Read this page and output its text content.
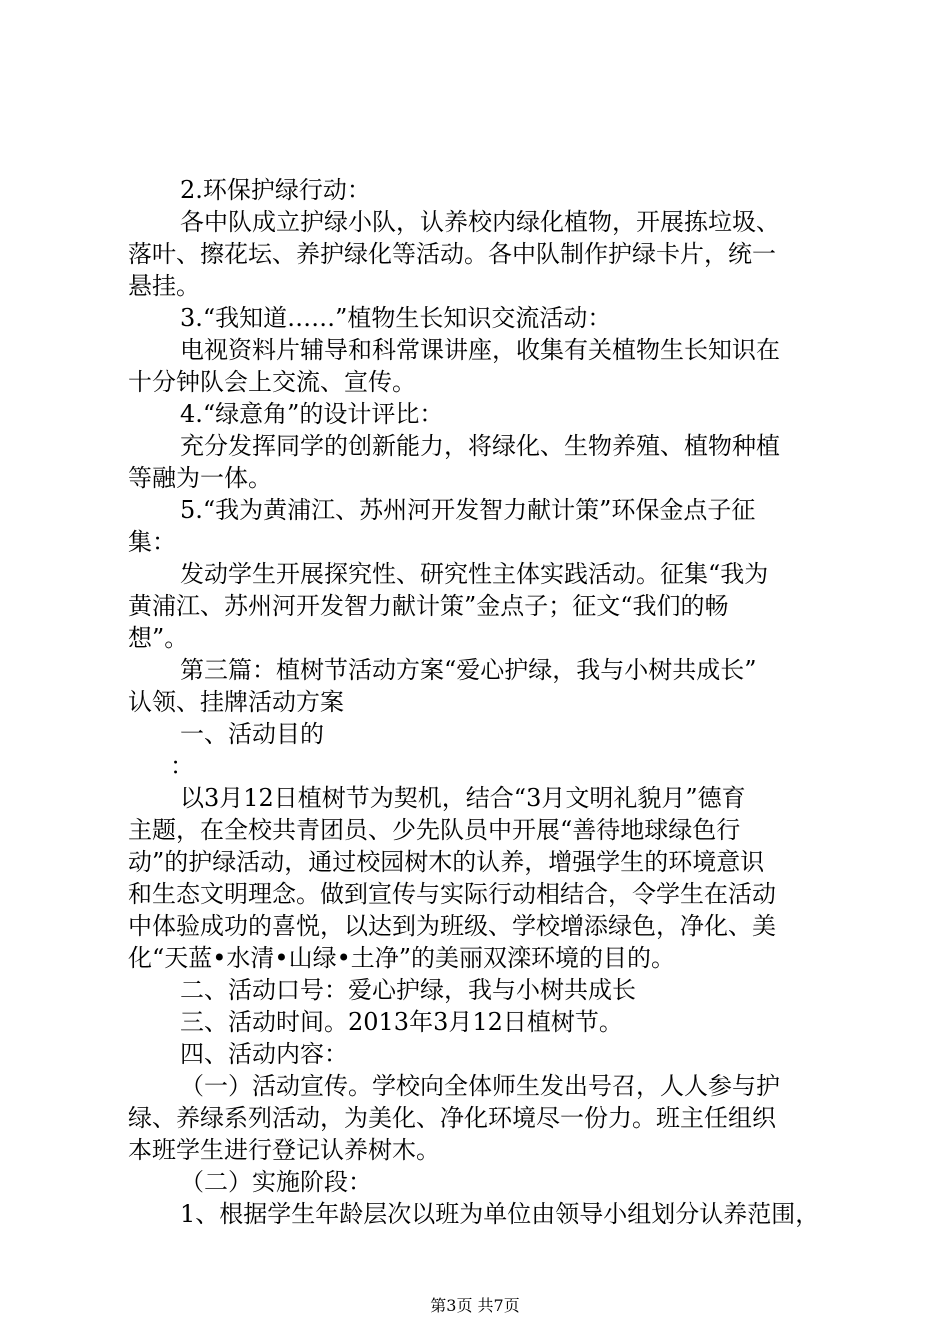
2.环保护绿行动：
各中队成立护绿小队，认养校内绿化植物，开展拣垃圾、
落叶、擦花坛、养护绿化等活动。各中队制作护绿卡片，统一
悬挂。
3.“我知道……”植物生长知识交流活动：
电视资料片辅导和科常课讲座，收集有关植物生长知识在
十分钟队会上交流、宣传。
4.“绿意角”的设计评比：
充分发挥同学的创新能力，将绿化、生物养殖、植物种植
等融为一体。
5.“我为黄浦江、苏州河开发智力献计策”环保金点子征
集：
发动学生开展探究性、研究性主体实践活动。征集“我为
黄浦江、苏州河开发智力献计策”金点子；征文“我们的畅
想”。
第三篇：植树节活动方案“爱心护绿，我与小树共成长”
认领、挂牌活动方案
一、活动目的
：
以3月12日植树节为契机，结合“3月文明礼貌月”德育
主题，在全校共青团员、少先队员中开展“善待地球绿色行
动”的护绿活动，通过校园树木的认养，增强学生的环境意识
和生态文明理念。做到宣传与实际行动相结合，令学生在活动
中体验成功的喜悦，以达到为班级、学校增添绿色，净化、美
化“天蓝•水清•山绿•土净”的美丽双滦环境的目的。
二、活动口号：爱心护绿，我与小树共成长
三、活动时间。2013年3月12日植树节。
四、活动内容：
（一）活动宣传。学校向全体师生发出号召，人人参与护
绿、养绿系列活动，为美化、净化环境尽一份力。班主任组织
本班学生进行登记认养树木。
（二）实施阶段：
1、根据学生年龄层次以班为单位由领导小组划分认养范围，
第3页 共7页
